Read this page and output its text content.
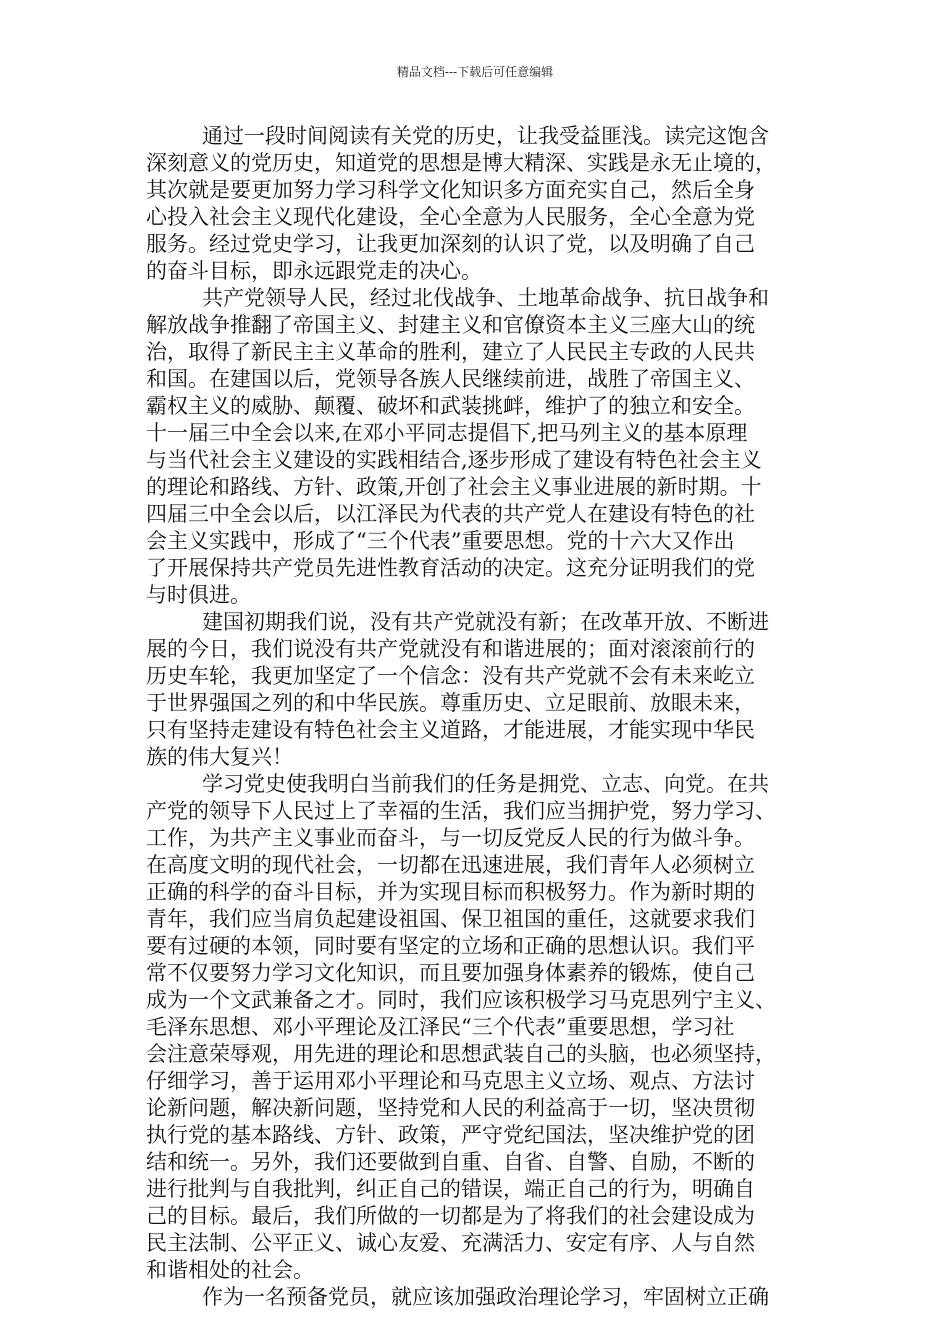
精品文档---下载后可任意编辑
通过一段时间阅读有关党的历史，让我受益匪浅。读完这饱含
深刻意义的党历史，知道党的思想是博大精深、实践是永无止境的，
其次就是要更加努力学习科学文化知识多方面充实自己，然后全身
心投入社会主义现代化建设，全心全意为人民服务，全心全意为党
服务。经过党史学习，让我更加深刻的认识了党，以及明确了自己
的奋斗目标，即永远跟党走的决心。
共产党领导人民，经过北伐战争、土地革命战争、抗日战争和
解放战争推翻了帝国主义、封建主义和官僚资本主义三座大山的统
治，取得了新民主主义革命的胜利，建立了人民民主专政的人民共
和国。在建国以后，党领导各族人民继续前进，战胜了帝国主义、
霸权主义的威胁、颠覆、破坏和武装挑衅，维护了的独立和安全。
十一届三中全会以来,在邓小平同志提倡下,把马列主义的基本原理
与当代社会主义建设的实践相结合,逐步形成了建设有特色社会主义
的理论和路线、方针、政策,开创了社会主义事业进展的新时期。十
四届三中全会以后，以江泽民为代表的共产党人在建设有特色的社
会主义实践中，形成了“三个代表”重要思想。党的十六大又作出
了开展保持共产党员先进性教育活动的决定。这充分证明我们的党
与时俱进。
建国初期我们说，没有共产党就没有新；在改革开放、不断进
展的今日，我们说没有共产党就没有和谐进展的；面对滚滚前行的
历史车轮，我更加坚定了一个信念：没有共产党就不会有未来屹立
于世界强国之列的和中华民族。尊重历史、立足眼前、放眼未来，
只有坚持走建设有特色社会主义道路，才能进展，才能实现中华民
族的伟大复兴！
学习党史使我明白当前我们的任务是拥党、立志、向党。在共
产党的领导下人民过上了幸福的生活，我们应当拥护党，努力学习、
工作，为共产主义事业而奋斗，与一切反党反人民的行为做斗争。
在高度文明的现代社会，一切都在迅速进展，我们青年人必须树立
正确的科学的奋斗目标，并为实现目标而积极努力。作为新时期的
青年，我们应当肩负起建设祖国、保卫祖国的重任，这就要求我们
要有过硬的本领，同时要有坚定的立场和正确的思想认识。我们平
常不仅要努力学习文化知识，而且要加强身体素养的锻炼，使自己
成为一个文武兼备之才。同时，我们应该积极学习马克思列宁主义、
毛泽东思想、邓小平理论及江泽民“三个代表”重要思想，学习社
会注意荣辱观，用先进的理论和思想武装自己的头脑，也必须坚持，
仔细学习，善于运用邓小平理论和马克思主义立场、观点、方法讨
论新问题，解决新问题，坚持党和人民的利益高于一切，坚决贯彻
执行党的基本路线、方针、政策，严守党纪国法，坚决维护党的团
结和统一。另外，我们还要做到自重、自省、自警、自励，不断的
进行批判与自我批判，纠正自己的错误，端正自己的行为，明确自
己的目标。最后，我们所做的一切都是为了将我们的社会建设成为
民主法制、公平正义、诚心友爱、充满活力、安定有序、人与自然
和谐相处的社会。
作为一名预备党员，就应该加强政治理论学习，牢固树立正确
